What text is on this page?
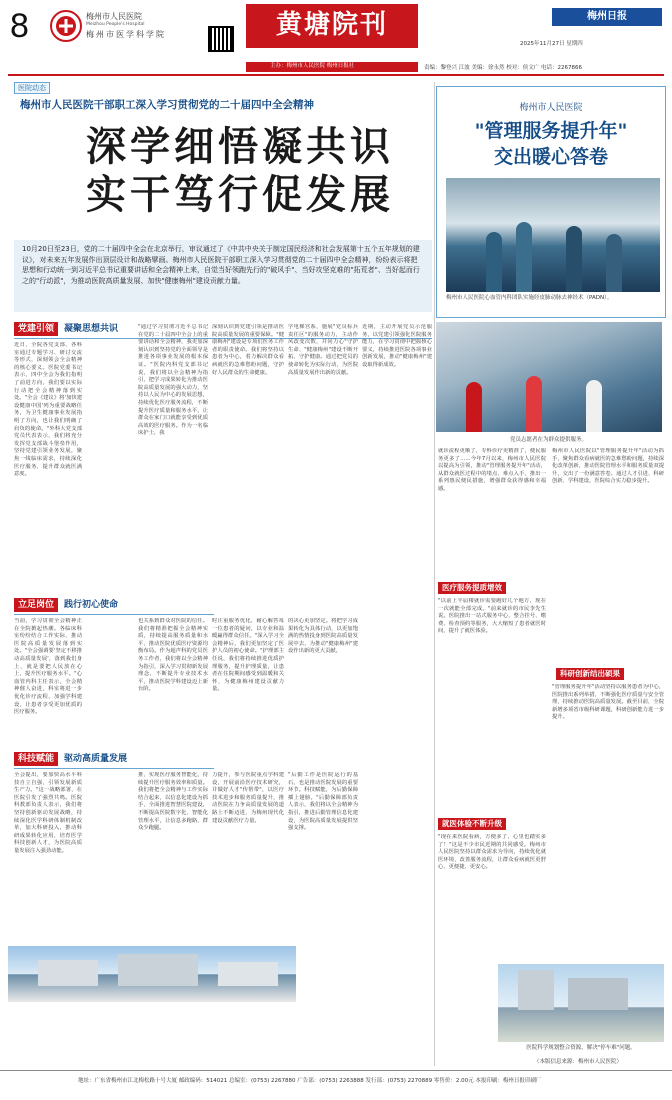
8	梅州市人民医院
Meizhou People's Hospital
梅州市医学科学院	黄塘院刊	梅州日报
2025年11月27日 星期四
主办：梅州市人民医院 梅州日报社	责编：黎登兴 江波 美编：徐永然 校对：侯文广 电话：2267866
医院动态
梅州市人民医院干部职工深入学习贯彻党的二十届四中全会精神
深学细悟凝共识
实干笃行促发展
10月20日至23日，党的二十届四中全会在北京举行，审议通过了《中共中央关于制定国民经济和社会发展第十五个五年规划的建议》，对未来五年发展作出顶层设计和战略擘画。梅州市人民医院干部职工深入学习贯彻党的二十届四中全会精神，纷纷表示将把思想和行动统一到习近平总书记重要讲话和全会精神上来，自觉当好领跑先行的"破风手"、当好攻坚克难的"拓荒者"、当好起而行之的"行动派"，为推动医院高质量发展、加快"健康梅州"建设贡献力量。
党建引领 凝聚思想共识
近日，全院各党支部、各科室通过专题学习、研讨交流等形式，深刻领会全会精神的核心要义。医院党委书记表示，四中全会为我们指明了前进方向，我们要以实际行动把全会精神落到实处。"全会《建议》将'加快建设健康中国'列为重要战略任务，为卫生健康事业发展指明了方向，也让我们明确了肩负的使命。"外科大党支部党员代表表示，我们将充分发挥党支部战斗堡垒作用，坚持党建引领业务发展，聚焦一线临床需求，持续深化医疗服务，提升群众就医满意度。
"通过学习贯彻习近平总书记在党的二十届四中全会上的重要讲话和全会精神，我更加深刻认识到坚持党的全面领导是推进各项事业发展的根本保证。"医院内科党支部书记说，我们将以全会精神为指引，把学习成果转化为推动医院高质量发展的强大动力，坚持以人民为中心的发展思想，持续优化医疗服务流程，不断提升医疗质量和服务水平，让群众在家门口就能享受到优质高效的医疗服务。作为一名临床护士，我
深刻认识到党建引领是推动医院高质量发展的重要保障。"健康梅州"建设是专项们医务工作者的职责使命。我们将坚持以患者为中心，着力解决群众看病就医的急难愁盼问题，守护好人民群众的生命健康。
学电梯宫系，施展"党员标兵责任区"的服务动力，主动作风改变次数，并同力心"守护生命、"健康梅州"建设不断开拓、守护健康。通过把党员的使命转化为实际行动，为医院高质量发展作出新的贡献。
近期，主动开展党员示范服务，以党建引领强化医院服务能力，在学习贯彻中把握核心要义，持续推进医院各项事业创新发展，推动"健康梅州"建设取得新成效。
立足岗位 践行初心使命
当前，学习贯彻全会精神正在全院掀起热潮。各临床科室纷纷结合工作实际，推动医院高质量发展落到实处。"全会强调要'坚定不移推动高质量发展'，落到我们身上，就是要把人民放在心上，提升医疗服务水平。"心血管内科主任表示，全会精神催人奋进，科室将进一步优化诊疗流程，加强学科建设，让患者享受更加优质的医疗服务。
也关系到群众对医院的信任。我们将精准把握全会精神实质，持续提高服务质量和水平，推动医院优质医疗资源均衡布局。作为超声科的党员医务工作者，我们将以全会精神为指引，深入学习贯彻新发展理念，不断提升专业技术水平，推动医院学科建设迈上新台阶。
时注重服务优化，耐心解答每一位患者的疑问，以专业和温暖赢得群众信任。"深入学习全会精神后，我们更加坚定了医护人员的初心使命。"护理部主任说，我们将持续推进优质护理服务，提升护理质量，让患者在住院期间感受到温暖和关怀，为健康梅州建设贡献力量。
的决心更加坚定。将把学习成果转化为具体行动，以更加饱满的热情投身到医院高质量发展中去，为推动"健康梅州"建设作出新的更大贡献。
科技赋能 驱动高质量发展
全会提出，要加快高水平科技自立自强，引领发展新质生产力。"这一战略部署，在医院引发了强烈共鸣。医院科教部负责人表示，我们将坚持创新驱动发展战略，持续深化医学科研体制机制改革，加大科研投入，推动科研成果转化应用，培育医学科技创新人才，为医院高质量发展注入强劲动能。
推，实现医疗服务智能化，持续提升医疗服务效率和质量。我们将把全会精神与工作实际结合起来，以信息化建设为抓手，全面推进智慧医院建设，不断提高医院数字化、智能化管理水平，让信息多跑路，群众少跑腿。
力提升，参与医院重点学科建设，开展前沿医疗技术研究，并做好人才"传帮带"，以医疗技术进步和服务质量提升，推动医院在力争高质量发展的道路上不断迈进，为梅州现代化建设贡献医疗力量。
"后勤工作是医院运行的基石，也是推动医院发展的重要环节。科技赋能，为后勤保障插上翅膀。"后勤保障部负责人表示，我们将以全会精神为指引，推进后勤管理信息化建设，为医院高质量发展提供坚强支撑。
梅州市人民医院
"管理服务提升年"
交出暖心答卷
梅州市人民医院心血管内科团队实施经皮肺动脉去神经术（PADN）。
党员志愿者在为群众提供服务。
就诊流程更顺了，专科诊疗更精准了，便民服务更多了……今年7月以来，梅州市人民医院以提高为引领，推动"管理服务提升年"活动，从群众就医过程中的堵点、难点入手，推出一系列惠民便民措施，增强群众获得感和幸福感。
医疗服务提质增效
"以前上半届楼就诊需要跑好几个地方，现在一次就能全部完成。"前来就诊的市民李先生说。医院推出一站式服务中心，整合挂号、缴费、检查预约等服务，大大缩短了患者就医时间，提升了就医体验。
就医体验不断升级
"现在来医院看病，方便多了，心里也踏实多了！"这是不少市民近期的共同感受。梅州市人民医院坚持以群众需求为导向，持续优化就医环境，改善服务流程，让群众看病就医更舒心、更便捷、更安心。
梅州市人民医院以"管理服务提升年"活动为抓手，聚焦群众看病就医的急难愁盼问题，持续深化改革创新，推动医院管理水平和服务质量双提升，交出了一份满意答卷。通过人才引进、科研创新、学科建设，医院综合实力稳步提升。
科研创新结出硕果
"管理服务提升年"活动坚持以服务患者为中心，医院推出系列举措，不断强化医疗质量与安全管理，持续推动医院高质量发展。截至目前，全院新增多项省市级科研课题，科研创新能力进一步提升。
医院科学规划整合资源，解决"停车难"问题。
（本版信息来源：梅州市人民医院）
地址：广东省梅州市江北梅松路十号大厦 邮政编码：514021 总编室：(0753) 2267880 广告部：(0753) 2263888 发行部：(0753) 2270889 零售价：2.00元 本报印刷：梅州日报印刷厂
